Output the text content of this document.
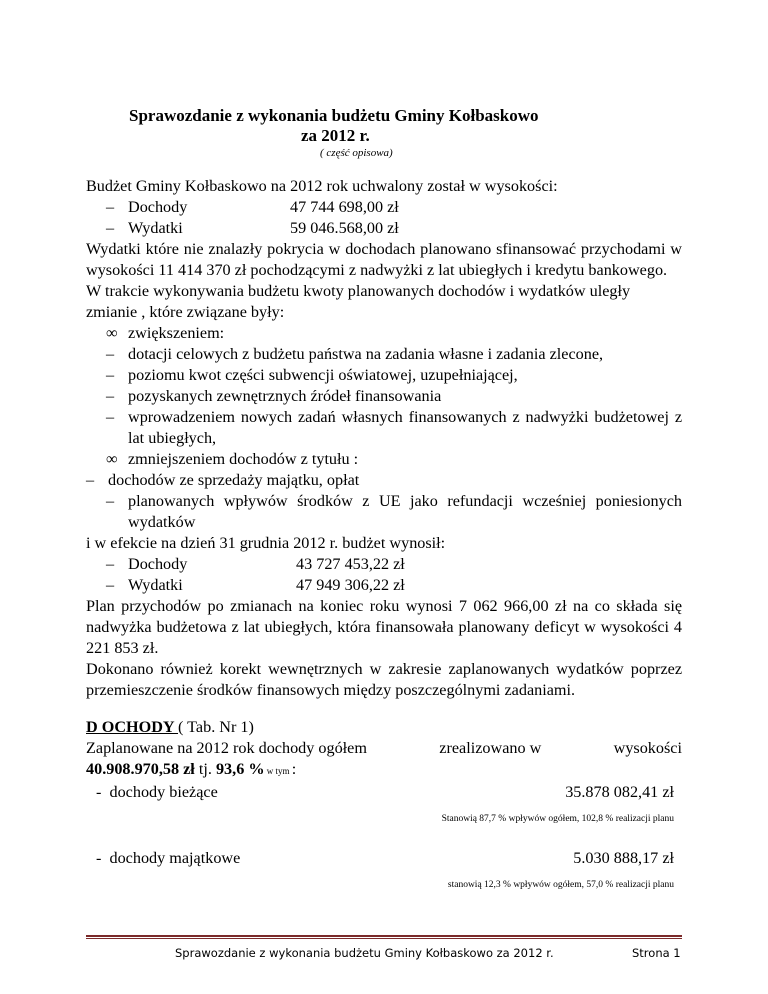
Sprawozdanie z wykonania budżetu Gminy Kołbaskowo
za 2012 r.
( część opisowa)

Budżet Gminy Kołbaskowo na 2012 rok uchwalony został w wysokości:

– Dochody	47 744 698,00 zł

– Wydatki	59 046.568,00 zł

Wydatki które nie znalazły pokrycia w dochodach planowano sfinansować przychodami w wysokości 11 414 370 zł pochodzącymi z nadwyżki z lat ubiegłych i kredytu bankowego.

W trakcie wykonywania budżetu kwoty planowanych dochodów i wydatków uległy zmianie , które związane były:

∞ zwiększeniem:

– dotacji celowych z budżetu państwa na zadania własne i zadania zlecone,

– poziomu kwot części subwencji oświatowej, uzupełniającej,

– pozyskanych zewnętrznych źródeł finansowania

– wprowadzeniem nowych zadań własnych finansowanych z nadwyżki budżetowej z lat ubiegłych,

∞ zmniejszeniem dochodów z tytułu :

– dochodów ze sprzedaży majątku, opłat

– planowanych wpływów środków z UE jako refundacji wcześniej poniesionych wydatków

i w efekcie na dzień 31 grudnia 2012 r. budżet wynosił:

– Dochody	43 727 453,22 zł

– Wydatki	47 949 306,22 zł

Plan przychodów po zmianach na koniec roku wynosi 7 062 966,00 zł na co składa się nadwyżka budżetowa z lat ubiegłych, która finansowała planowany deficyt w wysokości 4 221 853 zł.

Dokonano również korekt wewnętrznych w zakresie zaplanowanych wydatków poprzez przemieszczenie środków finansowych między poszczególnymi zadaniami.

D OCHODY ( Tab. Nr 1)

Zaplanowane na 2012 rok dochody ogółem	zrealizowano w	wysokości

40.908.970,58 zł tj. 93,6 % w tym :

- dochody bieżące	35.878 082,41 zł

Stanowią 87,7 % wpływów ogółem, 102,8 % realizacji planu

- dochody majątkowe	5.030 888,17 zł

stanowią 12,3 % wpływów ogółem, 57,0 % realizacji planu

Sprawozdanie z wykonania budżetu Gminy Kołbaskowo za 2012 r.	Strona 1
